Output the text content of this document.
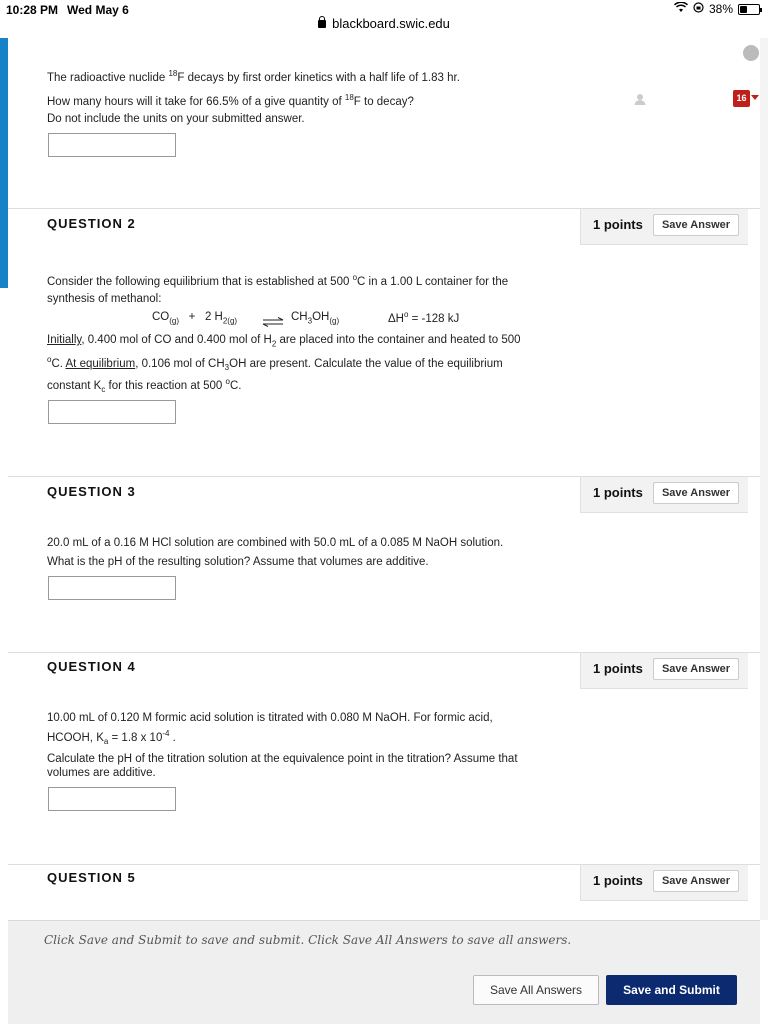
10:28 PM Wed May 6	38%
blackboard.swic.edu
The radioactive nuclide $^{18}$F decays by first order kinetics with a half life of 1.83 hr.
How many hours will it take for 66.5% of a give quantity of $^{18}$F to decay?
Do not include the units on your submitted answer.
QUESTION 2	1 points	Save Answer
Consider the following equilibrium that is established at 500 $^o$C in a 1.00 L container for the
synthesis of methanol:
$CO_{(g)} + 2$ $H_{2(g)}$ ⇌ $CH_3OH_{(g)}$	$\Delta H^o = -128$ kJ
Initially, 0.400 mol of CO and 0.400 mol of $H_2$ are placed into the container and heated to 500
$^o$C. At equilibrium, 0.106 mol of $CH_3OH$ are present. Calculate the value of the equilibrium
constant $K_c$ for this reaction at 500 $^o$C.
QUESTION 3	1 points	Save Answer
20.0 mL of a 0.16 M HCl solution are combined with 50.0 mL of a 0.085 M NaOH solution.
What is the pH of the resulting solution? Assume that volumes are additive.
QUESTION 4	1 points	Save Answer
10.00 mL of 0.120 M formic acid solution is titrated with 0.080 M NaOH. For formic acid,
HCOOH, $K_a = 1.8$ x $10^{-4}$ .
Calculate the pH of the titration solution at the equivalence point in the titration? Assume that
volumes are additive.
QUESTION 5	1 points	Save Answer
16
Click Save and Submit to save and submit. Click Save All Answers to save all answers.
Save All Answers	Save and Submit
